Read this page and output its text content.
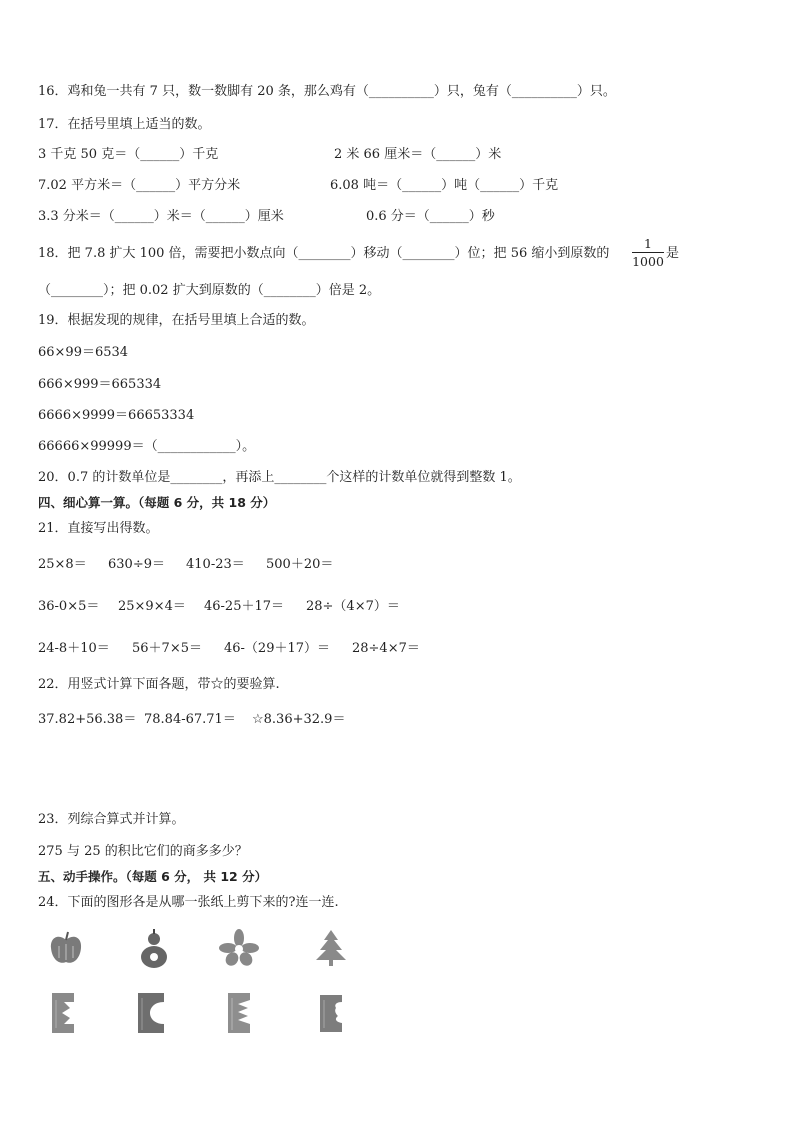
16．鸡和兔一共有 7 只，数一数脚有 20 条，那么鸡有（__________）只，兔有（__________）只。
17．在括号里填上适当的数。
3 千克 50 克＝（______）千克	2 米 66 厘米＝（______）米
7.02 平方米＝（______）平方分米	6.08 吨＝（______）吨（______）千克
3.3 分米＝（______）米＝（______）厘米	0.6 分＝（______）秒
18．把 7.8 扩大 100 倍，需要把小数点向（________）移动（________）位；把 56 缩小到原数的 $\frac{1}{1000}$ 是
（________）；把 0.02 扩大到原数的（________）倍是 2。
19．根据发现的规律，在括号里填上合适的数。
66×99＝6534
666×999＝665334
6666×9999＝66653334
66666×99999＝（____________）。
20．0.7 的计数单位是________，再添上________个这样的计数单位就得到整数 1。
四、细心算一算。（每题 6 分，共 18 分）
21．直接写出得数。
25×8＝ 630÷9＝ 410-23＝ 500＋20＝
36-0×5＝ 25×9×4＝ 46-25＋17＝ 28÷（4×7）＝
24-8＋10＝ 56＋7×5＝ 46-（29＋17）＝ 28÷4×7＝
22．用竖式计算下面各题，带☆的要验算.
37.82+56.38＝ 78.84-67.71＝ ☆8.36+32.9＝
23．列综合算式并计算。
275 与 25 的积比它们的商多多少？
五、动手操作。（每题 6 分， 共 12 分）
24．下面的图形各是从哪一张纸上剪下来的?连一连.
